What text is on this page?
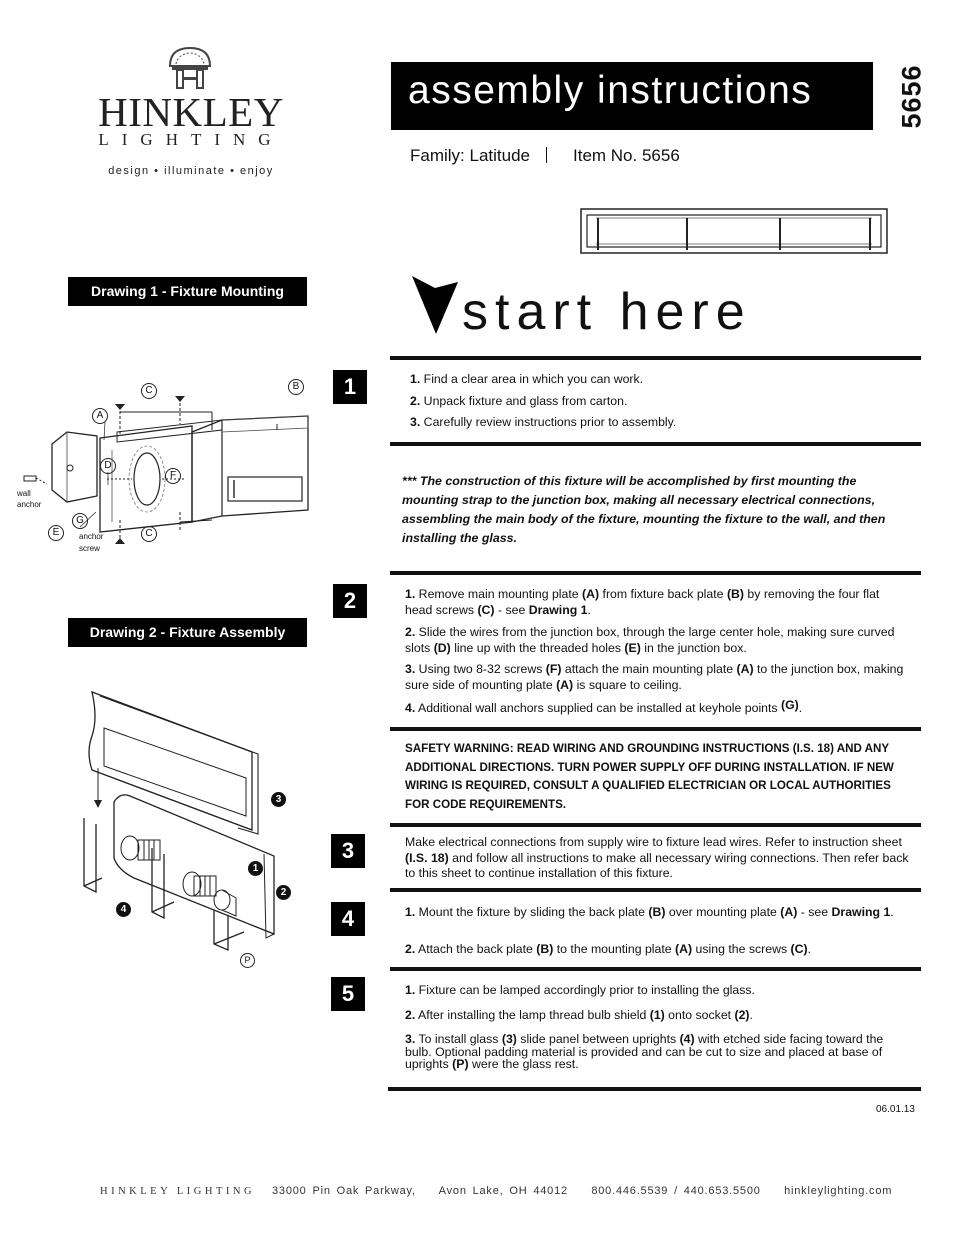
HINKLEY
LIGHTING
design • illuminate • enjoy
assembly instructions	5656
Family: Latitude	Item No. 5656
Drawing 1 - Fixture Mounting
C	B
A
D
F
G
E	C
wall
anchor
anchor
screw
Drawing 2 - Fixture Assembly
3
1
2
4
P
start here
1	1. Find a clear area in which you can work.
2. Unpack fixture and glass from carton.
3. Carefully review instructions prior to assembly.
*** The construction of this fixture will be accomplished by first mounting the mounting strap to the junction box, making all necessary electrical connections, assembling the main body of the fixture, mounting the fixture to the wall, and then installing the glass.
2	1. Remove main mounting plate (A) from fixture back plate (B) by removing the four flat head screws (C) - see Drawing 1.
2. Slide the wires from the junction box, through the large center hole, making sure curved slots (D) line up with the threaded holes (E) in the junction box.
3. Using two 8-32 screws (F) attach the main mounting plate (A) to the junction box, making sure side of mounting plate (A) is square to ceiling.
4. Additional wall anchors supplied can be installed at keyhole points (G).
SAFETY WARNING: READ WIRING AND GROUNDING INSTRUCTIONS (I.S. 18) AND ANY ADDITIONAL DIRECTIONS. TURN POWER SUPPLY OFF DURING INSTALLATION. IF NEW WIRING IS REQUIRED, CONSULT A QUALIFIED ELECTRICIAN OR LOCAL AUTHORITIES FOR CODE REQUIREMENTS.
3	Make electrical connections from supply wire to fixture lead wires. Refer to instruction sheet (I.S. 18) and follow all instructions to make all necessary wiring connections. Then refer back to this sheet to continue installation of this fixture.
4	1. Mount the fixture by sliding the back plate (B) over mounting plate (A) - see Drawing 1.
2. Attach the back plate (B) to the mounting plate (A) using the screws (C).
5	1. Fixture can be lamped accordingly prior to installing the glass.
2. After installing the lamp thread bulb shield (1) onto socket (2).
3. To install glass (3) slide panel between uprights (4) with etched side facing toward the bulb. Optional padding material is provided and can be cut to size and placed at base of uprights (P) were the glass rest.
06.01.13
HINKLEY LIGHTING 33000 Pin Oak Parkway,    Avon Lake, OH 44012    800.446.5539 / 440.653.5500    hinkleylighting.com
